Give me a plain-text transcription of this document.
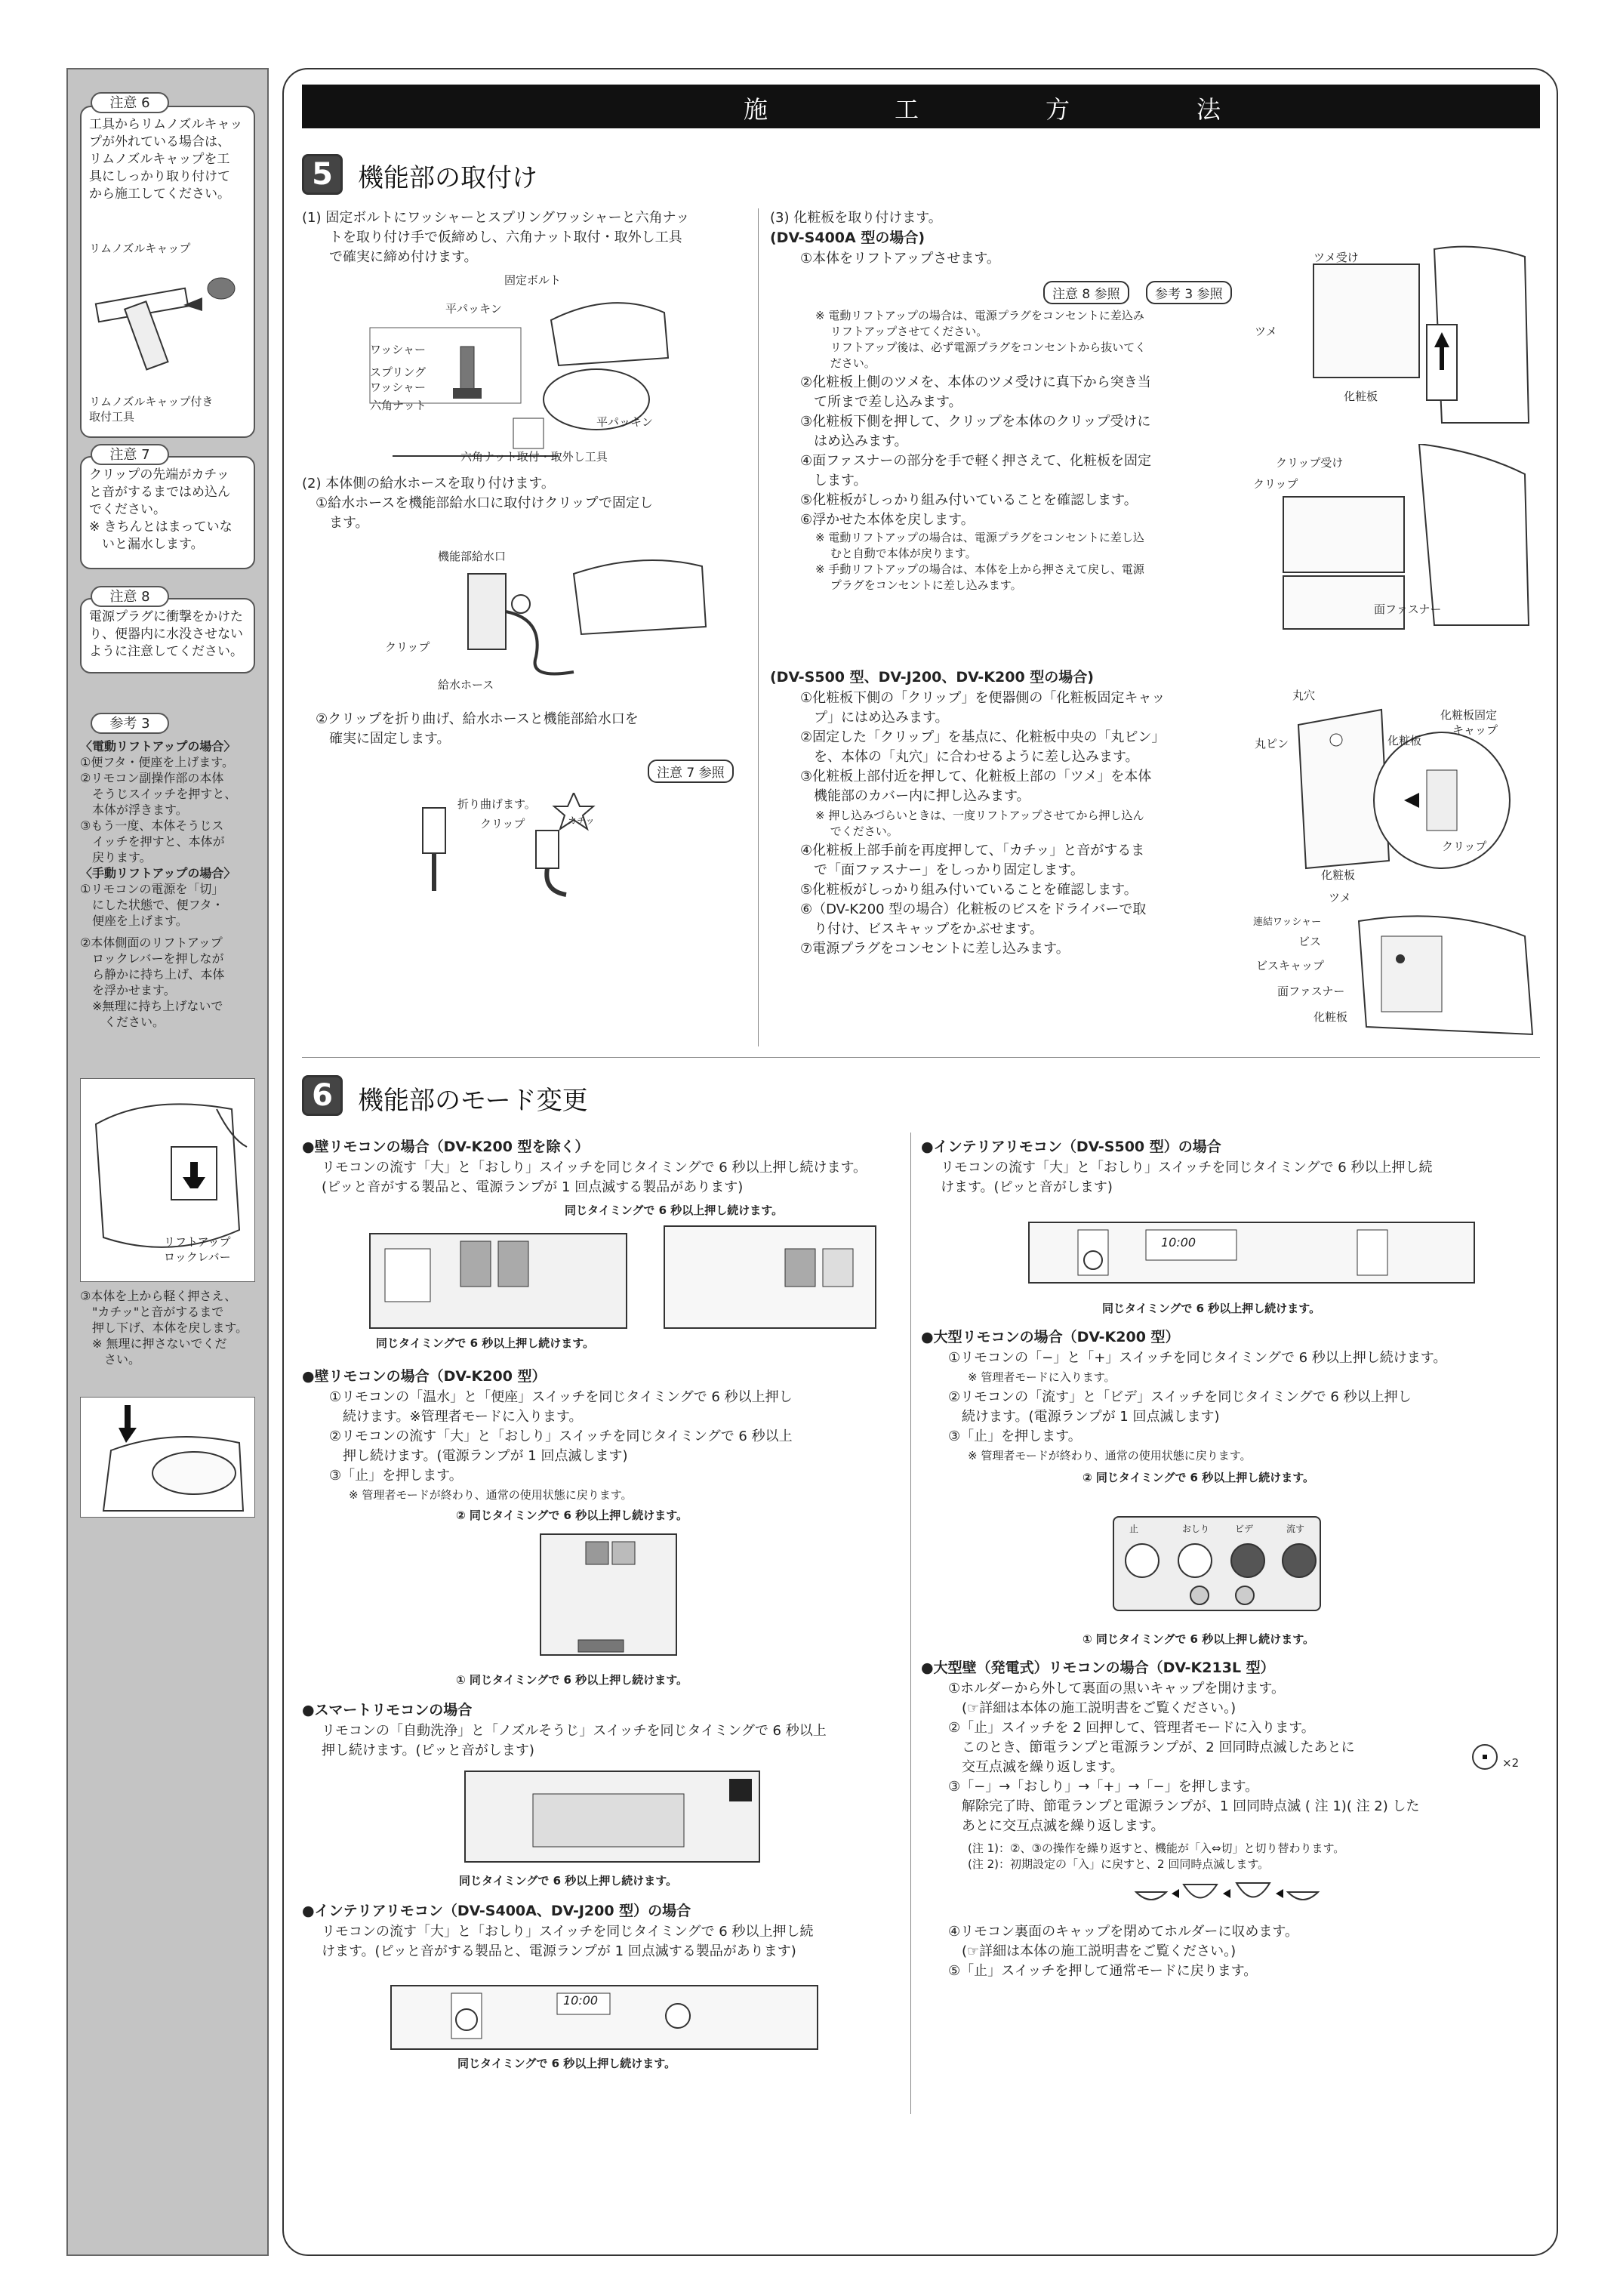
工具からリムノズルキャッ
プが外れている場合は、
リムノズルキャップを工
具にしっかり取り付けて
から施工してください。
リムノズルキャップ
リムノズルキャップ付き
取付工具
注意 6
クリップの先端がカチッ
と音がするまではめ込ん
でください。
※ きちんとはまっていな
　いと漏水します。
注意 7
電源プラグに衝撃をかけた
り、便器内に水没させない
ように注意してください。
注意 8
参考 3
〈電動リフトアップの場合〉
①便フタ・便座を上げます。
②リモコン副操作部の本体
　そうじスイッチを押すと、
　本体が浮きます。
③もう一度、本体そうじス
　イッチを押すと、本体が
　戻ります。
〈手動リフトアップの場合〉
①リモコンの電源を「切」
　にした状態で、便フタ・
　便座を上げます。
②本体側面のリフトアップ
　ロックレバーを押しなが
　ら静かに持ち上げ、本体
　を浮かせます。
　※無理に持ち上げないで
　　ください。
リフトアップ
ロックレバー
③本体を上から軽く押さえ、
　"カチッ"と音がするまで
　押し下げ、本体を戻します。
　※ 無理に押さないでくだ
　　さい。
施	工	方	法
5 機能部の取付け
(1) 固定ボルトにワッシャーとスプリングワッシャーと六角ナッ
　　トを取り付け手で仮締めし、六角ナット取付・取外し工具
　　で確実に締め付けます。
固定ボルト
平パッキン
ワッシャー
スプリング
ワッシャー
六角ナット
平パッキン
六角ナット取付・取外し工具
(2) 本体側の給水ホースを取り付けます。
　①給水ホースを機能部給水口に取付けクリップで固定し
　　ます。
機能部給水口
クリップ
給水ホース
　②クリップを折り曲げ、給水ホースと機能部給水口を
　　確実に固定します。
注意 7 参照
折り曲げます。
クリップ	カチッ
(3) 化粧板を取り付けます。
(DV-S400A 型の場合)
①本体をリフトアップさせます。
注意 8 参照	参考 3 参照
※ 電動リフトアップの場合は、電源プラグをコンセントに差込み
　 リフトアップさせてください。
　 リフトアップ後は、必ず電源プラグをコンセントから抜いてく
　 ださい。
②化粧板上側のツメを、本体のツメ受けに真下から突き当
　て所まで差し込みます。
③化粧板下側を押して、クリップを本体のクリップ受けに
　はめ込みます。
④面ファスナーの部分を手で軽く押さえて、化粧板を固定
　します。
⑤化粧板がしっかり組み付いていることを確認します。
⑥浮かせた本体を戻します。
※ 電動リフトアップの場合は、電源プラグをコンセントに差し込
　 むと自動で本体が戻ります。
※ 手動リフトアップの場合は、本体を上から押さえて戻し、電源
　 プラグをコンセントに差し込みます。
ツメ受け
ツメ
化粧板
クリップ受け
クリップ
面ファスナー
(DV-S500 型、DV-J200、DV-K200 型の場合)
①化粧板下側の「クリップ」を便器側の「化粧板固定キャッ
　プ」にはめ込みます。
②固定した「クリップ」を基点に、化粧板中央の「丸ピン」
　を、本体の「丸穴」に合わせるように差し込みます。
③化粧板上部付近を押して、化粧板上部の「ツメ」を本体
　機能部のカバー内に押し込みます。
※ 押し込みづらいときは、一度リフトアップさせてから押し込ん
　 でください。
④化粧板上部手前を再度押して、「カチッ」と音がするま
　で「面ファスナー」をしっかり固定します。
⑤化粧板がしっかり組み付いていることを確認します。
⑥（DV-K200 型の場合）化粧板のビスをドライバーで取
　り付け、ビスキャップをかぶせます。
⑦電源プラグをコンセントに差し込みます。
丸穴
丸ピン	化粧板
化粧板固定
キャップ
クリップ
化粧板
ツメ
連結ワッシャー
ビス
ビスキャップ
面ファスナー
化粧板
6 機能部のモード変更
●壁リモコンの場合（DV-K200 型を除く）
リモコンの流す「大」と「おしり」スイッチを同じタイミングで 6 秒以上押し続けます。
(ピッと音がする製品と、電源ランプが 1 回点滅する製品があります)
同じタイミングで 6 秒以上押し続けます。
同じタイミングで 6 秒以上押し続けます。
●壁リモコンの場合（DV-K200 型）
①リモコンの「温水」と「便座」スイッチを同じタイミングで 6 秒以上押し
　続けます。※管理者モードに入ります。
②リモコンの流す「大」と「おしり」スイッチを同じタイミングで 6 秒以上
　押し続けます。(電源ランプが 1 回点滅します)
③「止」を押します。
※ 管理者モードが終わり、通常の使用状態に戻ります。
② 同じタイミングで 6 秒以上押し続けます。
① 同じタイミングで 6 秒以上押し続けます。
●スマートリモコンの場合
リモコンの「自動洗浄」と「ノズルそうじ」スイッチを同じタイミングで 6 秒以上
押し続けます。(ピッと音がします)
同じタイミングで 6 秒以上押し続けます。
●インテリアリモコン（DV-S400A、DV-J200 型）の場合
リモコンの流す「大」と「おしり」スイッチを同じタイミングで 6 秒以上押し続
けます。(ピッと音がする製品と、電源ランプが 1 回点滅する製品があります)
10:00
同じタイミングで 6 秒以上押し続けます。
●インテリアリモコン（DV-S500 型）の場合
リモコンの流す「大」と「おしり」スイッチを同じタイミングで 6 秒以上押し続
けます。(ピッと音がします)
10:00
同じタイミングで 6 秒以上押し続けます。
●大型リモコンの場合（DV-K200 型）
①リモコンの「−」と「+」スイッチを同じタイミングで 6 秒以上押し続けます。
※ 管理者モードに入ります。
②リモコンの「流す」と「ビデ」スイッチを同じタイミングで 6 秒以上押し
　続けます。(電源ランプが 1 回点滅します)
③「止」を押します。
※ 管理者モードが終わり、通常の使用状態に戻ります。
② 同じタイミングで 6 秒以上押し続けます。
止	おしり	ビデ	流す
① 同じタイミングで 6 秒以上押し続けます。
●大型壁（発電式）リモコンの場合（DV-K213L 型）
①ホルダーから外して裏面の黒いキャップを開けます。
　(☞詳細は本体の施工説明書をご覧ください。)
②「止」スイッチを 2 回押して、管理者モードに入ります。
　このとき、節電ランプと電源ランプが、2 回同時点滅したあとに
　交互点滅を繰り返します。
③「−」→「おしり」→「+」→「−」を押します。
　解除完了時、節電ランプと電源ランプが、1 回同時点滅 ( 注 1)( 注 2) した
　あとに交互点滅を繰り返します。
×2
(注 1)：②、③の操作を繰り返すと、機能が「入⇔切」と切り替わります。
(注 2)：初期設定の「入」に戻すと、2 回同時点滅します。
④リモコン裏面のキャップを閉めてホルダーに収めます。
　(☞詳細は本体の施工説明書をご覧ください。)
⑤「止」スイッチを押して通常モードに戻ります。
